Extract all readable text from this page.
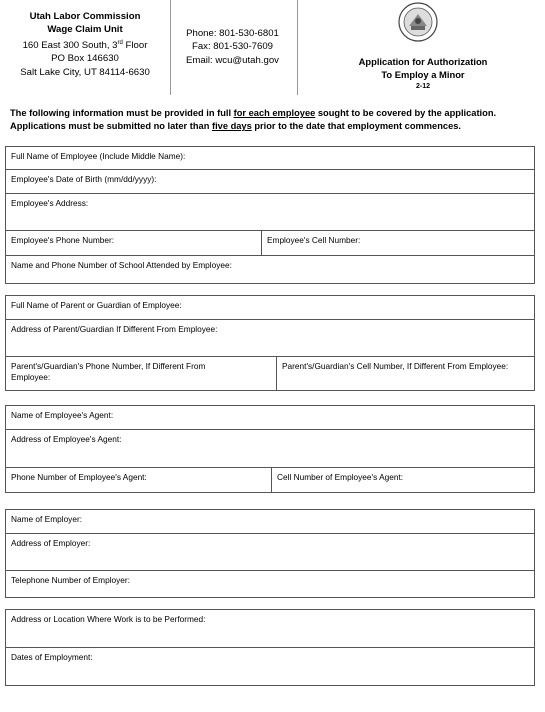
Utah Labor Commission
Wage Claim Unit
160 East 300 South, 3rd Floor
PO Box 146630
Salt Lake City, UT 84114-6630
Phone: 801-530-6801
Fax: 801-530-7609
Email: wcu@utah.gov	Application for Authorization
To Employ a Minor
2-12
The following information must be provided in full for each employee sought to be covered by the application.
Applications must be submitted no later than five days prior to the date that employment commences.
Full Name of Employee (Include Middle Name):
Employee's Date of Birth (mm/dd/yyyy):
Employee's Address:
Employee's Phone Number:	Employee's Cell Number:
Name and Phone Number of School Attended by Employee:
Full Name of Parent or Guardian of Employee:
Address of Parent/Guardian If Different From Employee:
Parent's/Guardian's Phone Number, If Different From Employee:
Parent's/Guardian's Cell Number, If Different From Employee:
Name of Employee's Agent:
Address of Employee's Agent:
Phone Number of Employee's Agent:	Cell Number of Employee's Agent:
Name of Employer:
Address of Employer:
Telephone Number of Employer:
Address or Location Where Work is to be Performed:
Dates of Employment:
